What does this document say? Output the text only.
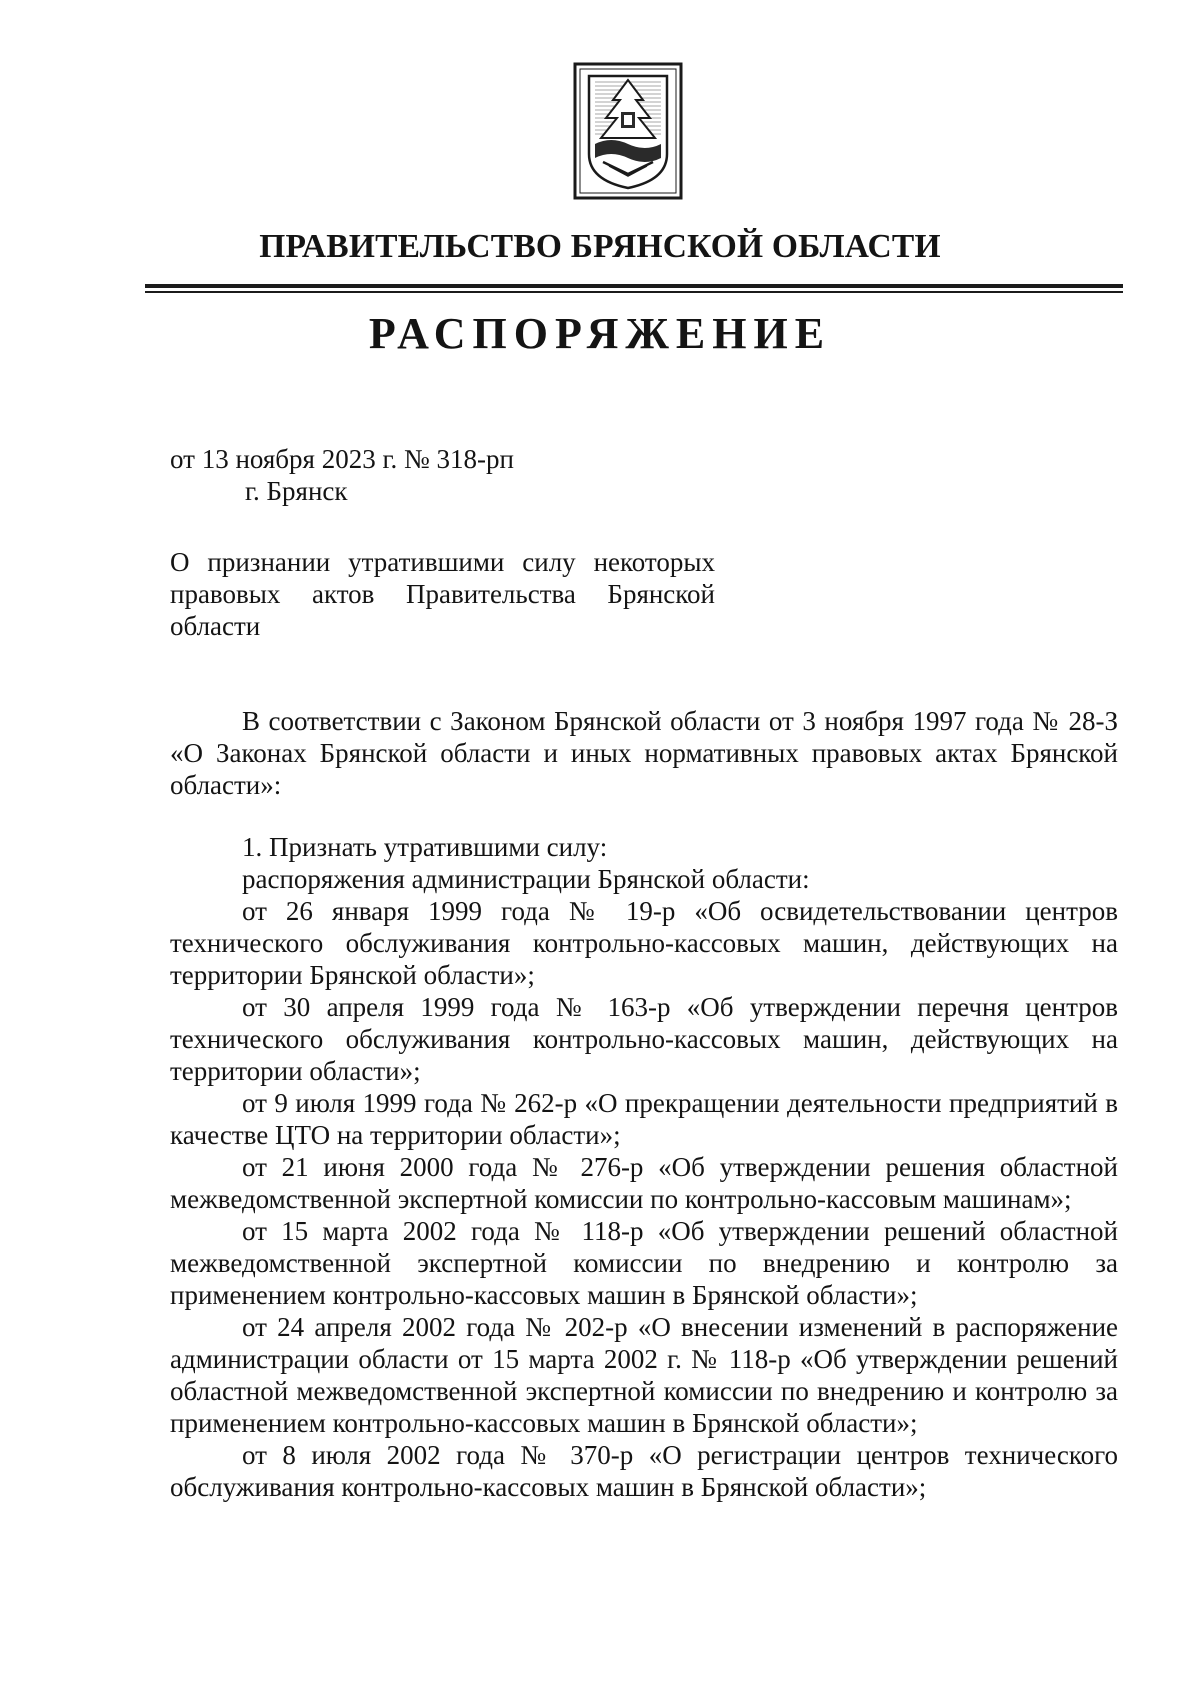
ПРАВИТЕЛЬСТВО БРЯНСКОЙ ОБЛАСТИ
РАСПОРЯЖЕНИЕ
от 13 ноября 2023 г. № 318-рп
г. Брянск
О признании утратившими силу некоторых правовых актов Правительства Брянской области

В соответствии с Законом Брянской области от 3 ноября 1997 года № 28-З «О Законах Брянской области и иных нормативных правовых актах Брянской области»:

1. Признать утратившими силу:

распоряжения администрации Брянской области:

от 26 января 1999 года № 19-р «Об освидетельствовании центров технического обслуживания контрольно-кассовых машин, действующих на территории Брянской области»;

от 30 апреля 1999 года № 163-р «Об утверждении перечня центров технического обслуживания контрольно-кассовых машин, действующих на территории области»;

от 9 июля 1999 года № 262-р «О прекращении деятельности предприятий в качестве ЦТО на территории области»;

от 21 июня 2000 года № 276-р «Об утверждении решения областной межведомственной экспертной комиссии по контрольно-кассовым машинам»;

от 15 марта 2002 года № 118-р «Об утверждении решений областной межведомственной экспертной комиссии по внедрению и контролю за применением контрольно-кассовых машин в Брянской области»;

от 24 апреля 2002 года № 202-р «О внесении изменений в распоряжение администрации области от 15 марта 2002 г. № 118-р «Об утверждении решений областной межведомственной экспертной комиссии по внедрению и контролю за применением контрольно-кассовых машин в Брянской области»;

от 8 июля 2002 года № 370-р «О регистрации центров технического обслуживания контрольно-кассовых машин в Брянской области»;
